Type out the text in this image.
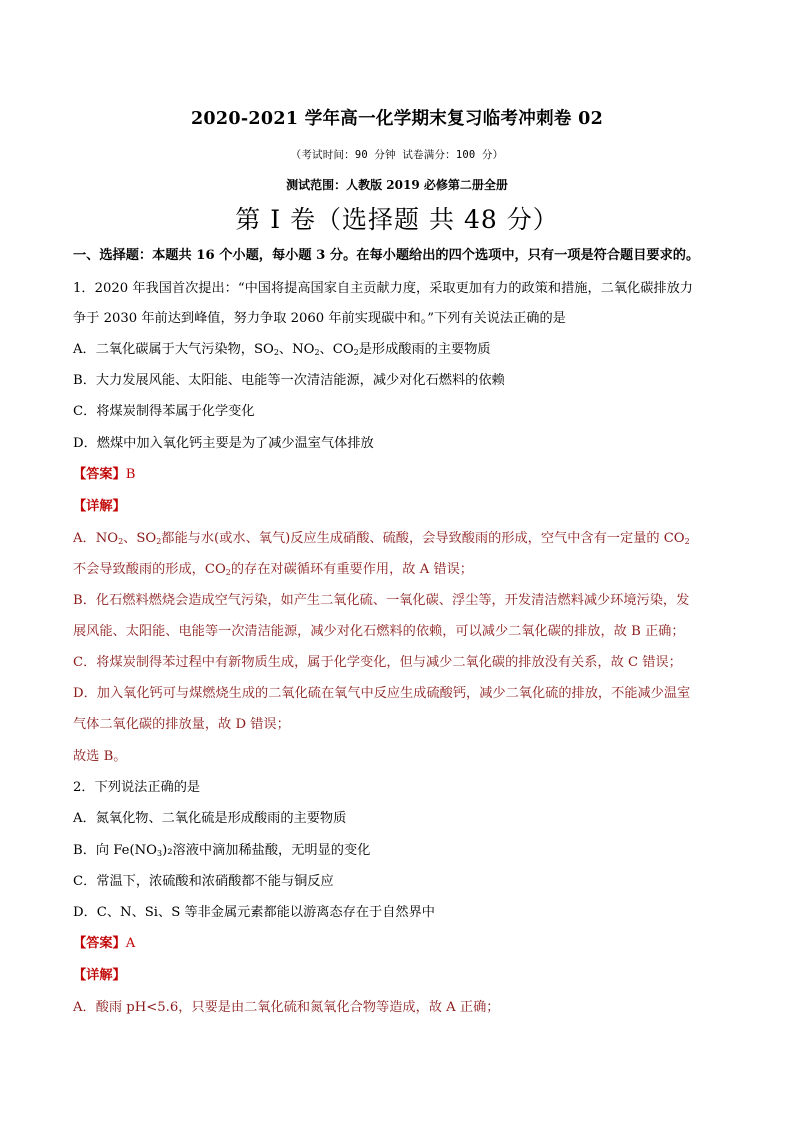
2020-2021 学年高一化学期末复习临考冲刺卷 02
（考试时间：90 分钟 试卷满分：100 分）
测试范围：人教版 2019 必修第二册全册
第 I 卷（选择题 共 48 分）
一、选择题：本题共 16 个小题，每小题 3 分。在每小题给出的四个选项中，只有一项是符合题目要求的。
1．2020 年我国首次提出：“中国将提高国家自主贡献力度，采取更加有力的政策和措施，二氧化碳排放力
争于 2030 年前达到峰值，努力争取 2060 年前实现碳中和。”下列有关说法正确的是
A．二氧化碳属于大气污染物，$SO_2$、$NO_2$、$CO_2$是形成酸雨的主要物质
B．大力发展风能、太阳能、电能等一次清洁能源，减少对化石燃料的依赖
C．将煤炭制得苯属于化学变化
D．燃煤中加入氧化钙主要是为了减少温室气体排放
【答案】B
【详解】
A．$NO_2$、$SO_2$都能与水(或水、氧气)反应生成硝酸、硫酸，会导致酸雨的形成，空气中含有一定量的 $CO_2$
不会导致酸雨的形成，$CO_2$的存在对碳循环有重要作用，故 A 错误；
B．化石燃料燃烧会造成空气污染，如产生二氧化硫、一氧化碳、浮尘等，开发清洁燃料减少环境污染，发
展风能、太阳能、电能等一次清洁能源，减少对化石燃料的依赖，可以减少二氧化碳的排放，故 B 正确；
C．将煤炭制得苯过程中有新物质生成，属于化学变化，但与减少二氧化碳的排放没有关系，故 C 错误；
D．加入氧化钙可与煤燃烧生成的二氧化硫在氧气中反应生成硫酸钙，减少二氧化硫的排放，不能减少温室
气体二氧化碳的排放量，故 D 错误；
故选 B。
2．下列说法正确的是
A．氮氧化物、二氧化硫是形成酸雨的主要物质
B．向 $Fe(NO_3)_2$溶液中滴加稀盐酸，无明显的变化
C．常温下，浓硫酸和浓硝酸都不能与铜反应
D．C、N、Si、S 等非金属元素都能以游离态存在于自然界中
【答案】A
【详解】
A．酸雨 pH<5.6，只要是由二氧化硫和氮氧化合物等造成，故 A 正确；
